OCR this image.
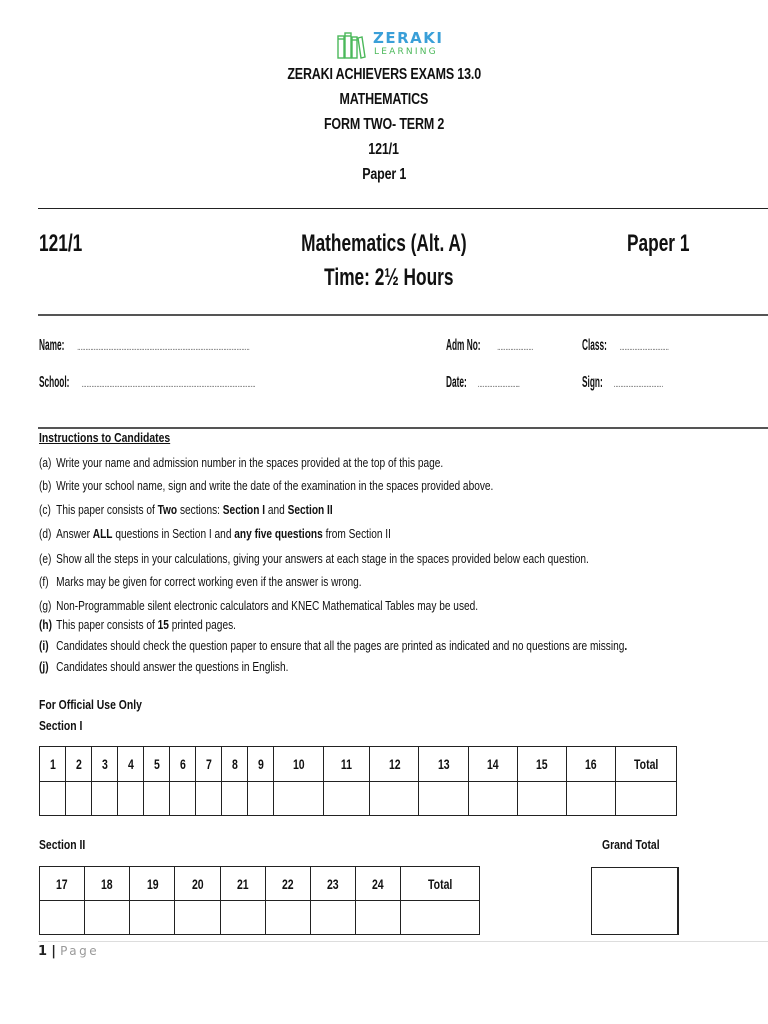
ZERAKI
LEARNING
ZERAKI ACHIEVERS EXAMS 13.0
MATHEMATICS
FORM TWO- TERM 2
121/1
Paper 1
121/1	Mathematics (Alt. A)	Paper 1
Time: 2½ Hours
Name: ……………………………………………………………………………………………	Adm No: ………………….	Class: …………………………
School: …………………………………………………………………………………………….	Date: ……………………..	Sign: …………………………
Instructions to Candidates
(a) Write your name and admission number in the spaces provided at the top of this page.
(b) Write your school name, sign and write the date of the examination in the spaces provided above.
(c) This paper consists of Two sections: Section I and Section II
(d) Answer ALL questions in Section I and any five questions from Section II
(e) Show all the steps in your calculations, giving your answers at each stage in the spaces provided below each question.
(f) Marks may be given for correct working even if the answer is wrong.
(g) Non-Programmable silent electronic calculators and KNEC Mathematical Tables may be used.
(h) This paper consists of 15 printed pages.
(i) Candidates should check the question paper to ensure that all the pages are printed as indicated and no questions are missing.
(j) Candidates should answer the questions in English.
For Official Use Only
Section I
1	2	3	4	5	6	7	8	9	10	11	12	13	14	15	16	Total

Section II	Grand Total
17	18	19	20	21	22	23	24	Total

1 | Page
